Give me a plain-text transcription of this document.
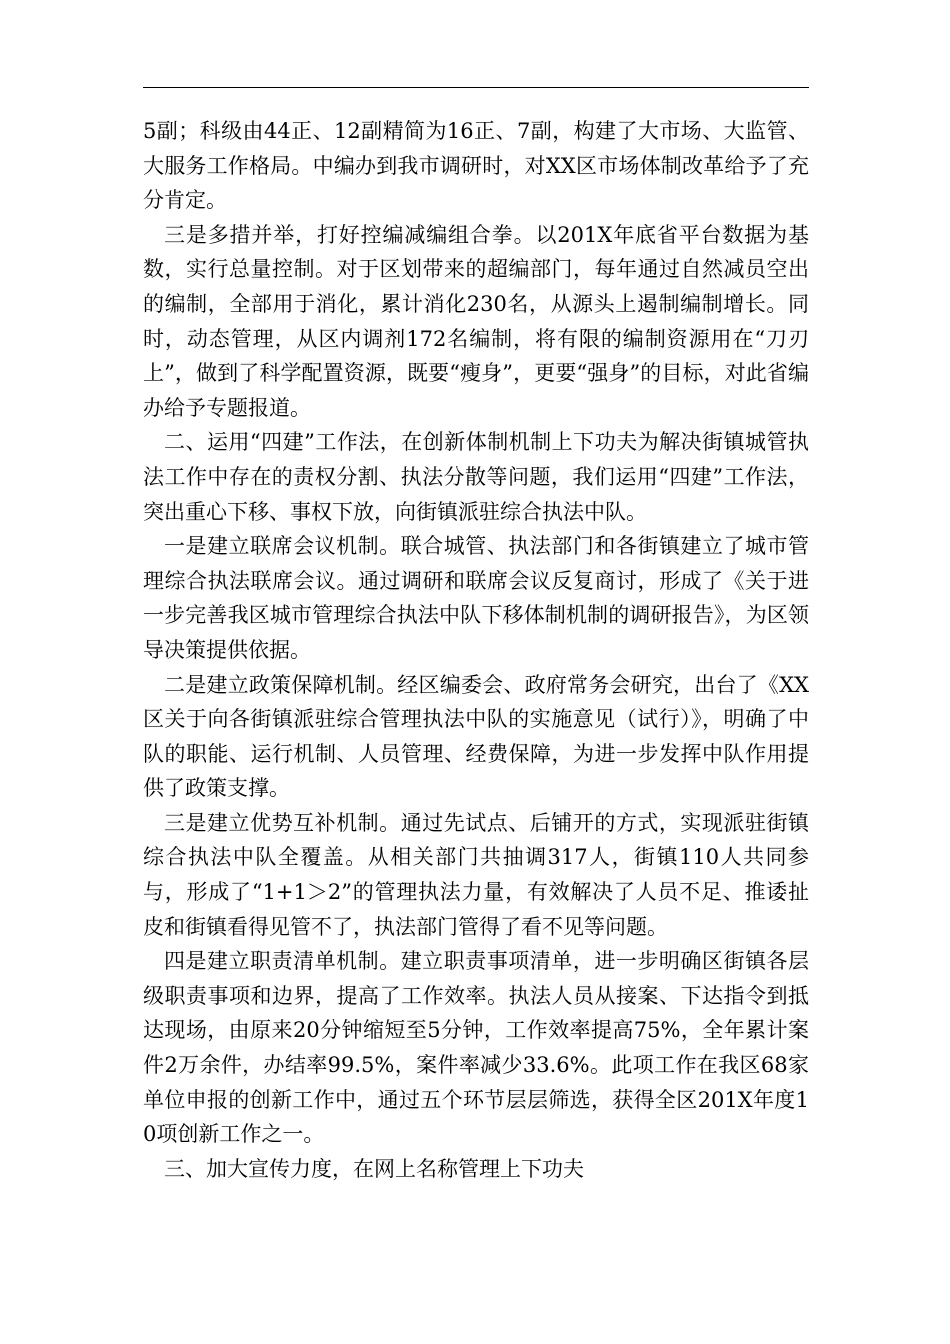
5副；科级由44正、12副精简为16正、7副，构建了大市场、大监管、大服务工作格局。中编办到我市调研时，对XX区市场体制改革给予了充分肯定。

三是多措并举，打好控编减编组合拳。以201X年底省平台数据为基数，实行总量控制。对于区划带来的超编部门，每年通过自然减员空出的编制，全部用于消化，累计消化230名，从源头上遏制编制增长。同时，动态管理，从区内调剂172名编制，将有限的编制资源用在“刀刃上”，做到了科学配置资源，既要“瘦身”，更要“强身”的目标，对此省编办给予专题报道。

二、运用“四建”工作法，在创新体制机制上下功夫为解决街镇城管执法工作中存在的责权分割、执法分散等问题，我们运用“四建”工作法，突出重心下移、事权下放，向街镇派驻综合执法中队。

一是建立联席会议机制。联合城管、执法部门和各街镇建立了城市管理综合执法联席会议。通过调研和联席会议反复商讨，形成了《关于进一步完善我区城市管理综合执法中队下移体制机制的调研报告》，为区领导决策提供依据。

二是建立政策保障机制。经区编委会、政府常务会研究，出台了《XX区关于向各街镇派驻综合管理执法中队的实施意见（试行）》，明确了中队的职能、运行机制、人员管理、经费保障，为进一步发挥中队作用提供了政策支撑。

三是建立优势互补机制。通过先试点、后铺开的方式，实现派驻街镇综合执法中队全覆盖。从相关部门共抽调317人，街镇110人共同参与，形成了“1+1＞2”的管理执法力量，有效解决了人员不足、推诿扯皮和街镇看得见管不了，执法部门管得了看不见等问题。

四是建立职责清单机制。建立职责事项清单，进一步明确区街镇各层级职责事项和边界，提高了工作效率。执法人员从接案、下达指令到抵达现场，由原来20分钟缩短至5分钟，工作效率提高75%，全年累计案件2万余件，办结率99.5%，案件率减少33.6%。此项工作在我区68家单位申报的创新工作中，通过五个环节层层筛选，获得全区201X年度10项创新工作之一。

三、加大宣传力度，在网上名称管理上下功夫
